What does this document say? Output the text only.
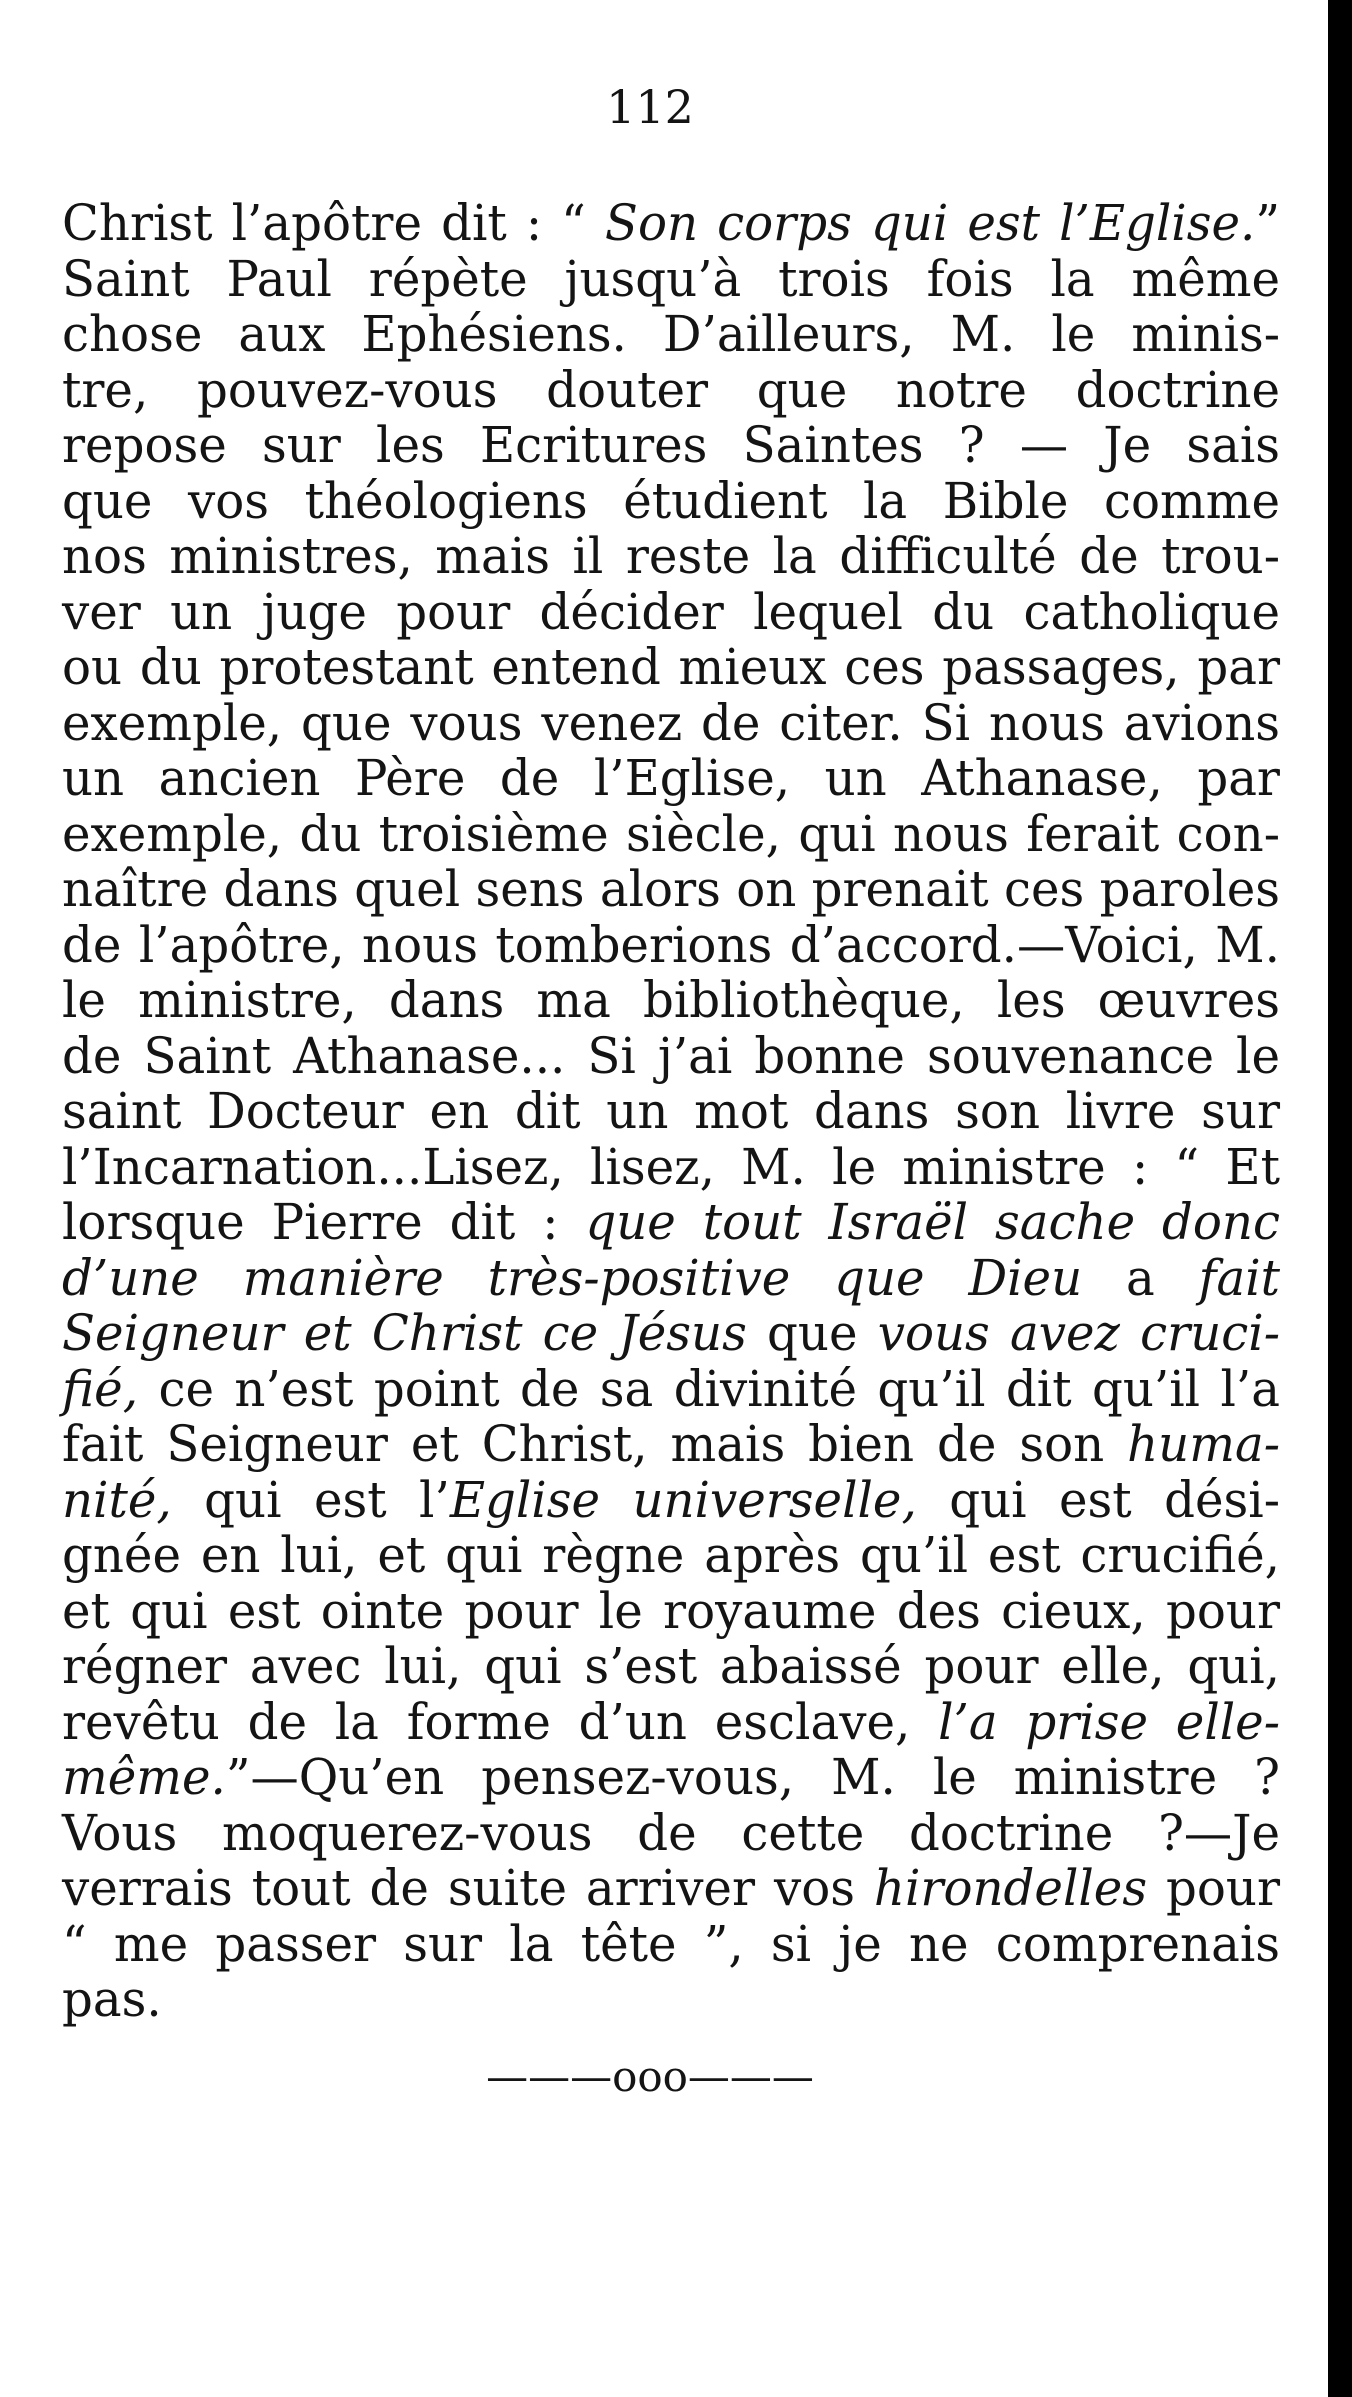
112
Christ l’apôtre dit : “ Son corps qui est l’Eglise.”
Saint Paul répète jusqu’à trois fois la même
chose aux Ephésiens. D’ailleurs, M. le minis-
tre, pouvez-vous douter que notre doctrine
repose sur les Ecritures Saintes ? — Je sais
que vos théologiens étudient la Bible comme
nos ministres, mais il reste la difficulté de trou-
ver un juge pour décider lequel du catholique
ou du protestant entend mieux ces passages, par
exemple, que vous venez de citer. Si nous avions
un ancien Père de l’Eglise, un Athanase, par
exemple, du troisième siècle, qui nous ferait con-
naître dans quel sens alors on prenait ces paroles
de l’apôtre, nous tomberions d’accord.—Voici, M.
le ministre, dans ma bibliothèque, les œuvres
de Saint Athanase... Si j’ai bonne souvenance le
saint Docteur en dit un mot dans son livre sur
l’Incarnation...Lisez, lisez, M. le ministre : “ Et
lorsque Pierre dit : que tout Israël sache donc
d’une manière très-positive que Dieu a fait
Seigneur et Christ ce Jésus que vous avez cruci-
fié, ce n’est point de sa divinité qu’il dit qu’il l’a
fait Seigneur et Christ, mais bien de son huma-
nité, qui est l’Eglise universelle, qui est dési-
gnée en lui, et qui règne après qu’il est crucifié,
et qui est ointe pour le royaume des cieux, pour
régner avec lui, qui s’est abaissé pour elle, qui,
revêtu de la forme d’un esclave, l’a prise elle-
même.”—Qu’en pensez-vous, M. le ministre ?
Vous moquerez-vous de cette doctrine ?—Je
verrais tout de suite arriver vos hirondelles pour
“ me passer sur la tête ”, si je ne comprenais
pas.
———ooo———
